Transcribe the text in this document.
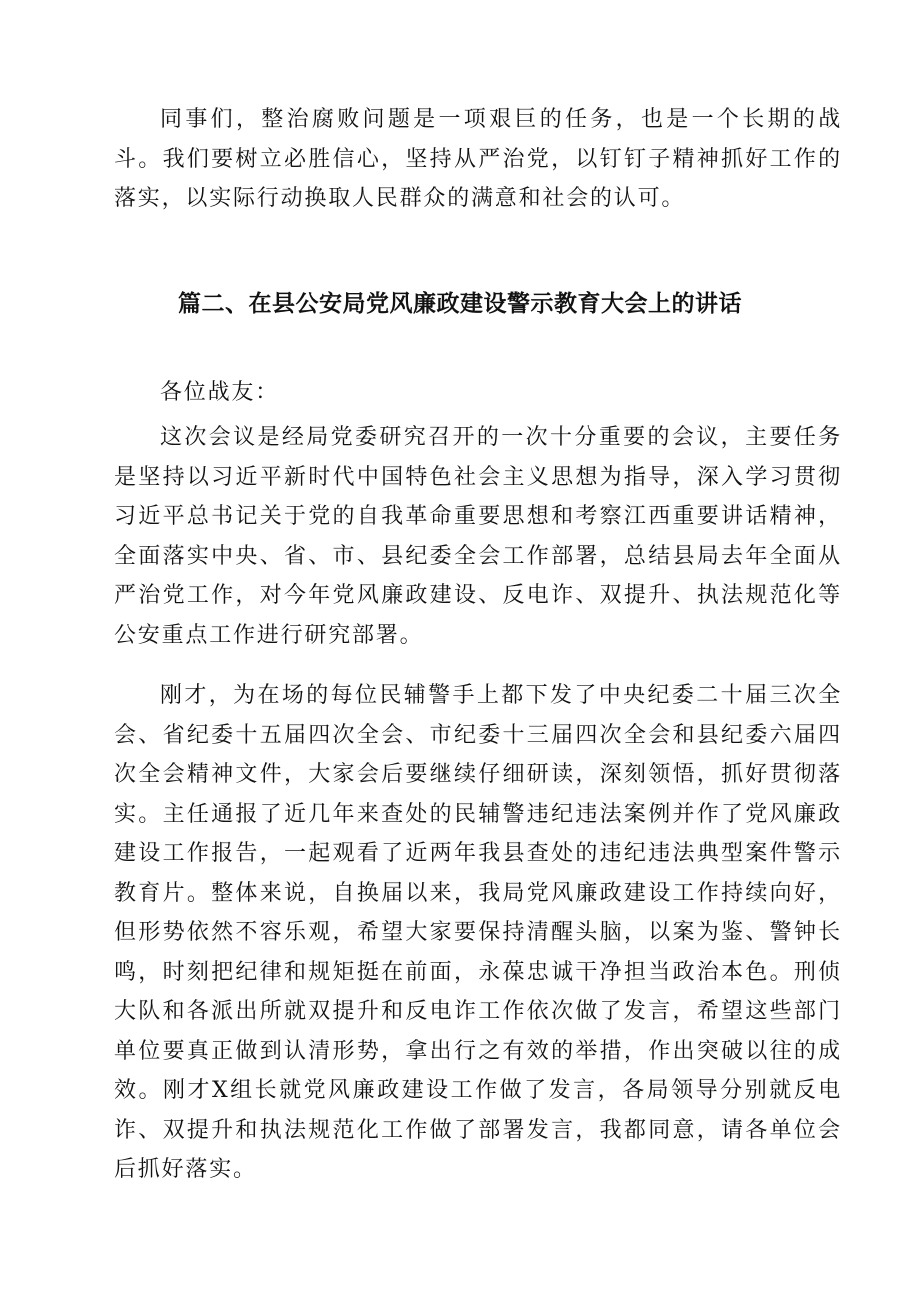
同事们，整治腐败问题是一项艰巨的任务，也是一个长期的战斗。我们要树立必胜信心，坚持从严治党，以钉钉子精神抓好工作的落实，以实际行动换取人民群众的满意和社会的认可。

篇二、在县公安局党风廉政建设警示教育大会上的讲话

各位战友：

这次会议是经局党委研究召开的一次十分重要的会议，主要任务是坚持以习近平新时代中国特色社会主义思想为指导，深入学习贯彻习近平总书记关于党的自我革命重要思想和考察江西重要讲话精神，全面落实中央、省、市、县纪委全会工作部署，总结县局去年全面从严治党工作，对今年党风廉政建设、反电诈、双提升、执法规范化等公安重点工作进行研究部署。

刚才，为在场的每位民辅警手上都下发了中央纪委二十届三次全会、省纪委十五届四次全会、市纪委十三届四次全会和县纪委六届四次全会精神文件，大家会后要继续仔细研读，深刻领悟，抓好贯彻落实。主任通报了近几年来查处的民辅警违纪违法案例并作了党风廉政建设工作报告，一起观看了近两年我县查处的违纪违法典型案件警示教育片。整体来说，自换届以来，我局党风廉政建设工作持续向好，但形势依然不容乐观，希望大家要保持清醒头脑，以案为鉴、警钟长鸣，时刻把纪律和规矩挺在前面，永葆忠诚干净担当政治本色。刑侦大队和各派出所就双提升和反电诈工作依次做了发言，希望这些部门单位要真正做到认清形势，拿出行之有效的举措，作出突破以往的成效。刚才X组长就党风廉政建设工作做了发言，各局领导分别就反电诈、双提升和执法规范化工作做了部署发言，我都同意，请各单位会后抓好落实。
